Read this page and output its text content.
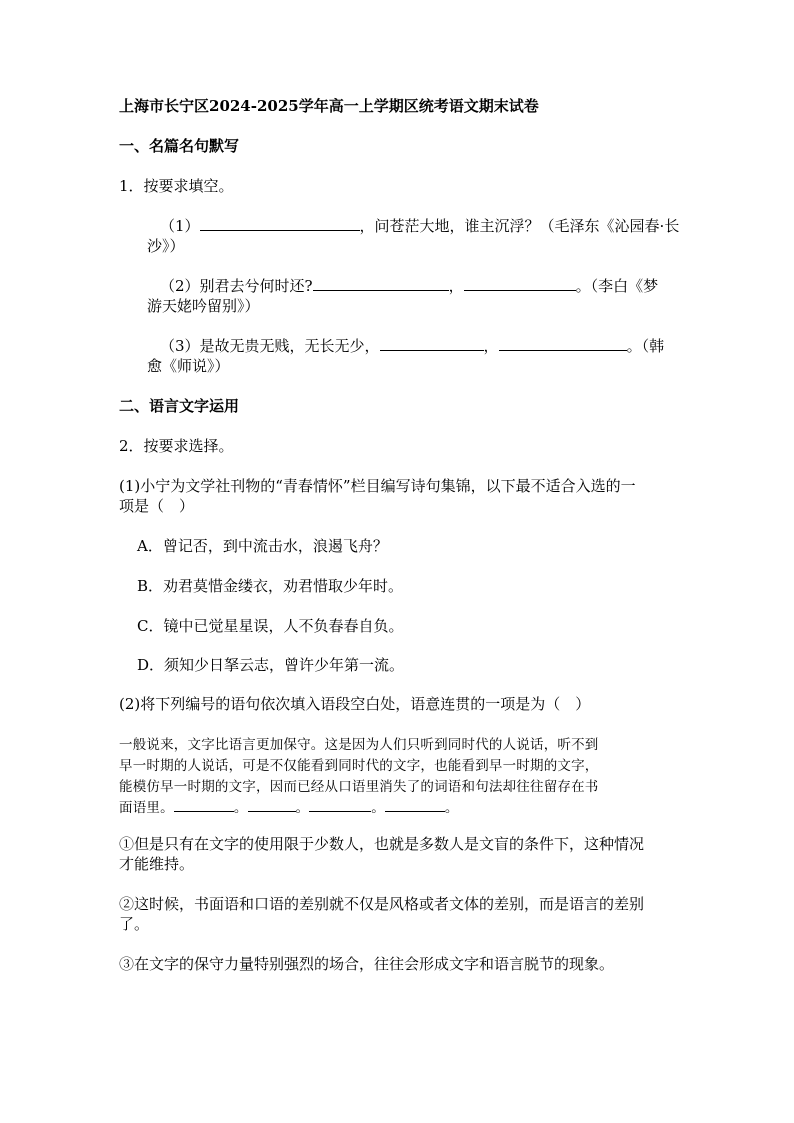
上海市长宁区2024-2025学年高一上学期区统考语文期末试卷
一、名篇名句默写
1．按要求填空。
（1）	，问苍茫大地，谁主沉浮？（毛泽东《沁园春·长
沙》）
（2）别君去兮何时还?	，	。（李白《梦
游天姥吟留别》）
（3）是故无贵无贱，无长无少，	，	。（韩
愈《师说》）
二、语言文字运用
2．按要求选择。
(1)小宁为文学社刊物的“青春情怀”栏目编写诗句集锦，以下最不适合入选的一
项是（　）
A．曾记否，到中流击水，浪遏飞舟？
B．劝君莫惜金缕衣，劝君惜取少年时。
C．镜中已觉星星误，人不负春春自负。
D．须知少日拏云志，曾许少年第一流。
(2)将下列编号的语句依次填入语段空白处，语意连贯的一项是为（　）
一般说来，文字比语言更加保守。这是因为人们只听到同时代的人说话，听不到
早一时期的人说话，可是不仅能看到同时代的文字，也能看到早一时期的文字，
能模仿早一时期的文字，因而已经从口语里消失了的词语和句法却往往留存在书
面语里。	。	。	。	。
①但是只有在文字的使用限于少数人，也就是多数人是文盲的条件下，这种情况
才能维持。
②这时候，书面语和口语的差别就不仅是风格或者文体的差别，而是语言的差别
了。
③在文字的保守力量特别强烈的场合，往往会形成文字和语言脱节的现象。
